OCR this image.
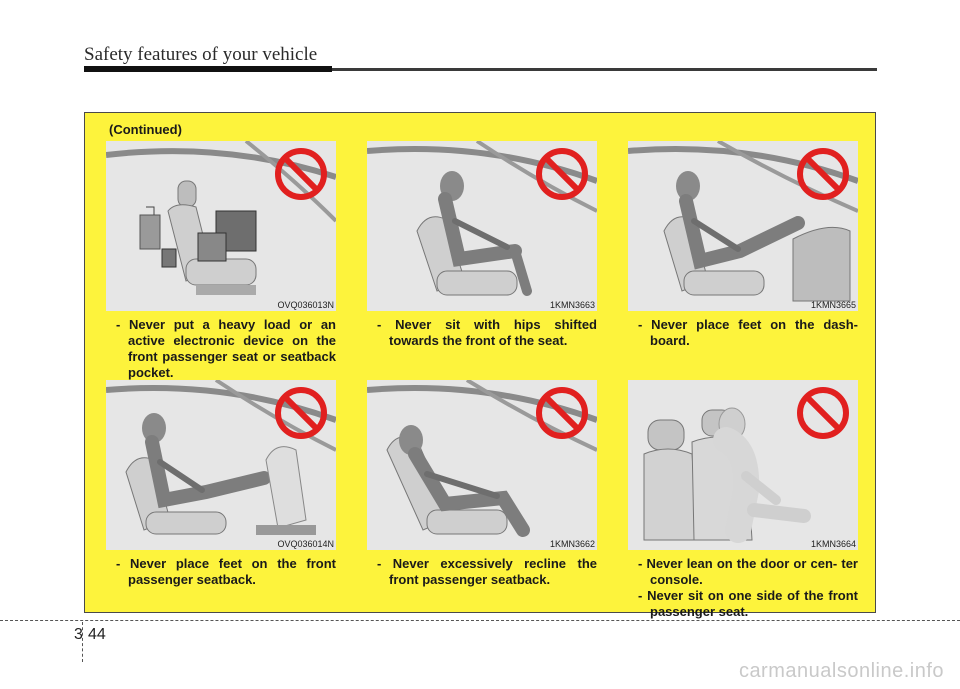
Safety features of your vehicle
(Continued)
OVQ036013N
- Never put a heavy load or an active electronic device on the front passenger seat or seatback pocket.
1KMN3663
- Never sit with hips shifted towards the front of the seat.
1KMN3665
- Never place feet on the dash- board.
OVQ036014N
- Never place feet on the front passenger seatback.
1KMN3662
- Never excessively recline the front passenger seatback.
1KMN3664
- Never lean on the door or cen- ter console.
- Never sit on one side of the front passenger seat.
3 44
carmanualsonline.info
